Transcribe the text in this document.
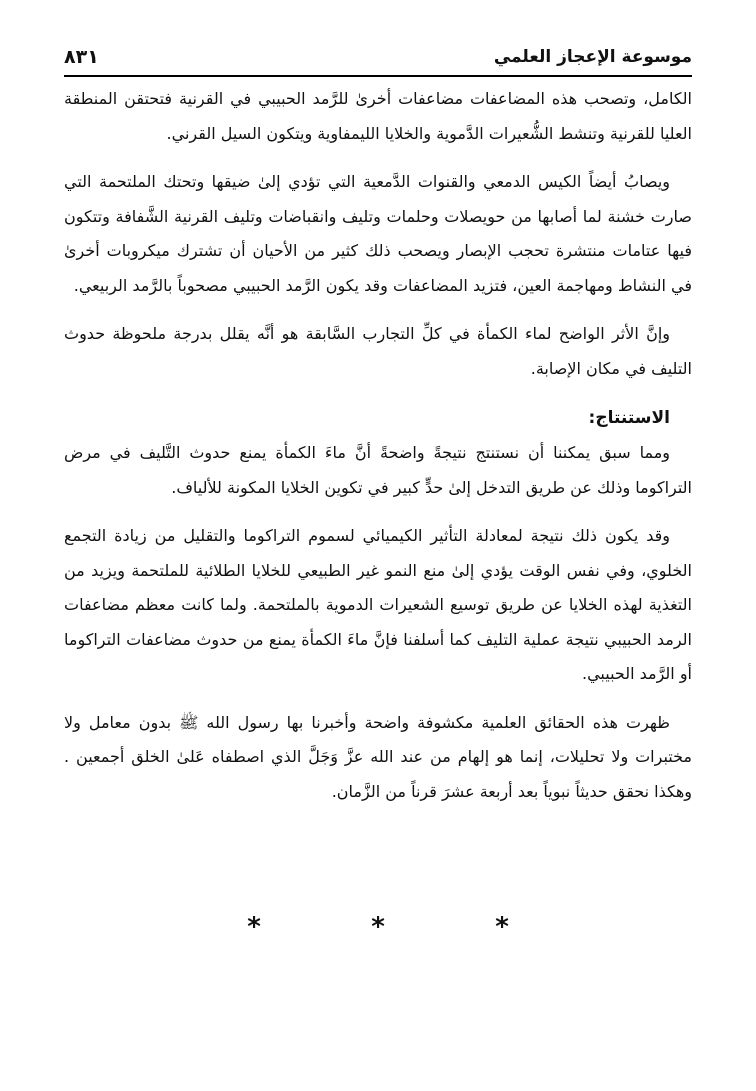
موسوعة الإعجاز العلمي
٨٣١

الكامل، وتصحب هذه المضاعفات مضاعفات أخرىٰ للرَّمد الحبيبي في القرنية فتحتقن المنطقة العليا للقرنية وتنشط الشُّعيرات الدَّموية والخلايا الليمفاوية ويتكون السيل القرني.

ويصابُ أيضاً الكيس الدمعي والقنوات الدَّمعية التي تؤدي إلىٰ ضيقها وتحتك الملتحمة التي صارت خشنة لما أصابها من حويصلات وحلمات وتليف وانقباضات وتليف القرنية الشَّفافة وتتكون فيها عتامات منتشرة تحجب الإبصار ويصحب ذلك كثير من الأحيان أن تشترك ميكروبات أخرىٰ في النشاط ومهاجمة العين، فتزيد المضاعفات وقد يكون الرَّمد الحبيبي مصحوباً بالرَّمد الربيعي.

وإنَّ الأثر الواضح لماء الكمأة في كلِّ التجارب السَّابقة هو أنَّه يقلل بدرجة ملحوظة حدوث التليف في مكان الإصابة.

الاستنتاج:

ومما سبق يمكننا أن نستنتج نتيجةً واضحةً أنَّ ماءَ الكمأة يمنع حدوث التَّليف في مرض التراكوما وذلك عن طريق التدخل إلىٰ حدٍّ كبير في تكوين الخلايا المكونة للألياف.

وقد يكون ذلك نتيجة لمعادلة التأثير الكيميائي لسموم التراكوما والتقليل من زيادة التجمع الخلوي، وفي نفس الوقت يؤدي إلىٰ منع النمو غير الطبيعي للخلايا الطلائية للملتحمة ويزيد من التغذية لهذه الخلايا عن طريق توسيع الشعيرات الدموية بالملتحمة. ولما كانت معظم مضاعفات الرمد الحبيبي نتيجة عملية التليف كما أسلفنا فإنَّ ماءَ الكمأة يمنع من حدوث مضاعفات التراكوما أو الرَّمد الحبيبي.

ظهرت هذه الحقائق العلمية مكشوفة واضحة وأخبرنا بها رسول الله ﷺ بدون معامل ولا مختبرات ولا تحليلات، إنما هو إلهام من عند الله عزَّ وَجَلَّ الذي اصطفاه عَلىٰ الخلق أجمعين . وهكذا نحقق حديثاً نبوياً بعد أربعة عشرَ قرناً من الزَّمان.

*	*	*
